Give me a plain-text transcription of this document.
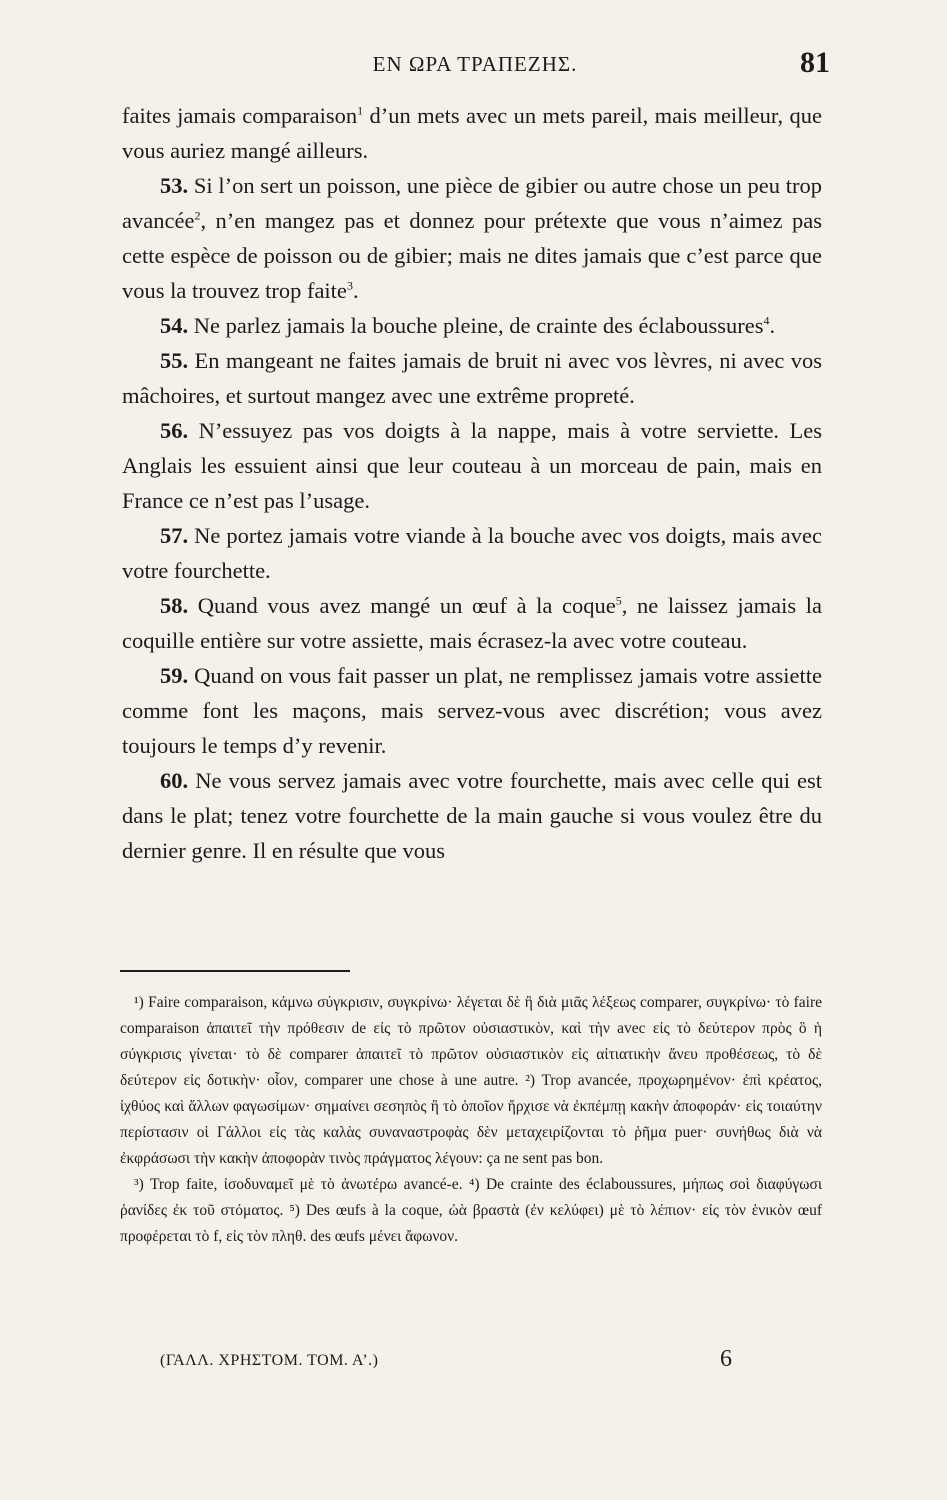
ΕΝ ΩΡΑ ΤΡΑΠΕΖΗΣ.	81

faites jamais comparaison$^1$ d’un mets avec un mets pareil, mais meilleur, que vous auriez mangé ailleurs.

53. Si l’on sert un poisson, une pièce de gibier ou autre chose un peu trop avancée$^2$, n’en mangez pas et donnez pour prétexte que vous n’aimez pas cette espèce de poisson ou de gibier; mais ne dites jamais que c’est parce que vous la trouvez trop faite$^3$.

54. Ne parlez jamais la bouche pleine, de crainte des éclaboussures$^4$.

55. En mangeant ne faites jamais de bruit ni avec vos lèvres, ni avec vos mâchoires, et surtout mangez avec une extrême propreté.

56. N’essuyez pas vos doigts à la nappe, mais à votre serviette. Les Anglais les essuient ainsi que leur couteau à un morceau de pain, mais en France ce n’est pas l’usage.

57. Ne portez jamais votre viande à la bouche avec vos doigts, mais avec votre fourchette.

58. Quand vous avez mangé un œuf à la coque$^5$, ne laissez jamais la coquille entière sur votre assiette, mais écrasez-la avec votre couteau.

59. Quand on vous fait passer un plat, ne remplissez jamais votre assiette comme font les maçons, mais servez-vous avec discrétion; vous avez toujours le temps d’y revenir.

60. Ne vous servez jamais avec votre fourchette, mais avec celle qui est dans le plat; tenez votre fourchette de la main gauche si vous voulez être du dernier genre. Il en résulte que vous

¹) Faire comparaison, κάμνω σύγκρισιν, συγκρίνω· λέγεται δὲ ἢ διὰ μιᾶς λέξεως comparer, συγκρίνω· τὸ faire comparaison ἀπαιτεῖ τὴν πρόθεσιν de εἰς τὸ πρῶτον οὐσιαστικὸν, καὶ τὴν avec εἰς τὸ δεύτερον πρὸς ὃ ἡ σύγκρισις γίνεται· τὸ δὲ comparer ἀπαιτεῖ τὸ πρῶτον οὐσιαστικὸν εἰς αἰτιατικὴν ἄνευ προθέσεως, τὸ δὲ δεύτερον εἰς δοτικὴν· οἷον, comparer une chose à une autre. ²) Trop avancée, προχωρημένον· ἐπὶ κρέατος, ἰχθύος καὶ ἄλλων φαγωσίμων· σημαίνει σεσηπὸς ἢ τὸ ὁποῖον ἤρχισε νὰ ἐκπέμπῃ κακὴν ἀποφοράν· εἰς τοιαύτην περίστασιν οἱ Γάλλοι εἰς τὰς καλὰς συναναστροφὰς δὲν μεταχειρίζονται τὸ ῥῆμα puer· συνήθως διὰ νὰ ἐκφράσωσι τὴν κακὴν ἀποφορὰν τινὸς πράγματος λέγουν: ça ne sent pas bon.

³) Trop faite, ἰσοδυναμεῖ μὲ τὸ ἀνωτέρω avancé-e. ⁴) De crainte des éclaboussures, μήπως σοὶ διαφύγωσι ῥανίδες ἐκ τοῦ στόματος. ⁵) Des œufs à la coque, ὠὰ βραστὰ (ἐν κελύφει) μὲ τὸ λέπιον· εἰς τὸν ἑνικὸν œuf προφέρεται τὸ f, εἰς τὸν πληθ. des œufs μένει ἄφωνον.

(ΓΑΛΛ. ΧΡΗΣΤΟΜ. ΤΟΜ. Α’.)	6
